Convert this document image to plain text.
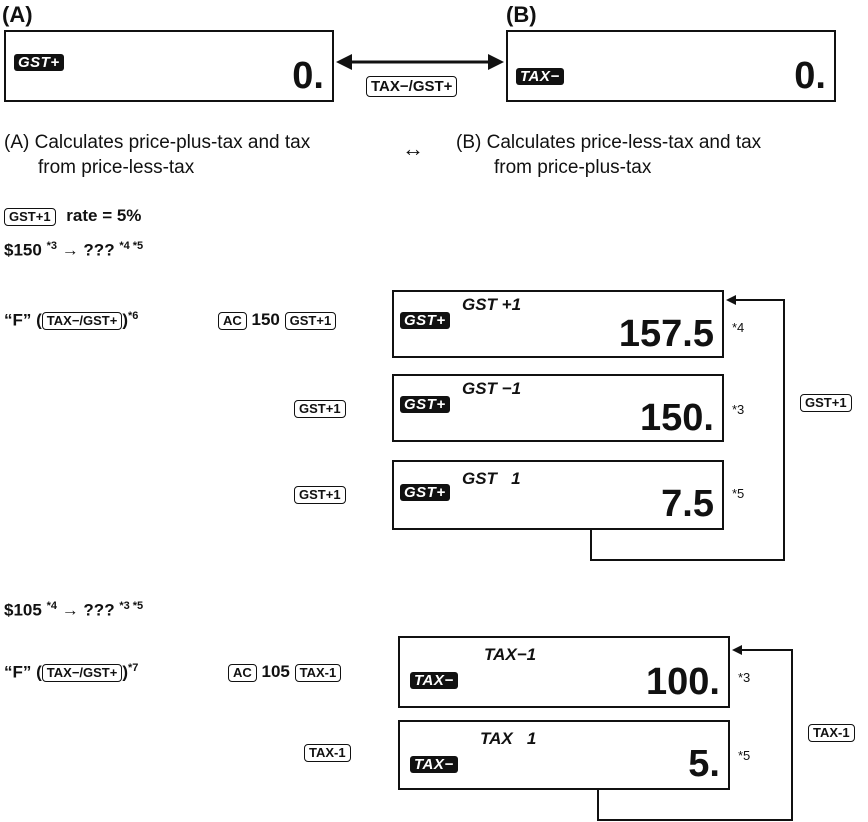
(A)	(B)
GST+	0.	TAX−	0.
TAX−/GST+
(A) Calculates price-plus-tax and tax
from price-less-tax
↔ (B) Calculates price-less-tax and tax
from price-plus-tax
GST+1 rate = 5%
$150 $^{*3}$ → ??? $^{*4 *5}$
“F” ( TAX−/GST+ )$^{*6}$	AC 150 GST+1
GST+1
GST+1
GST+
GST +1
157.5 *4
GST+
GST −1
150. *3
GST+
GST   1
7.5 *5
GST+1
$105 $^{*4}$ → ??? $^{*3 *5}$
“F” ( TAX−/GST+ )$^{*7}$	AC 105 TAX-1
TAX-1
TAX−
TAX−1
100. *3
TAX−
TAX   1
5. *5
TAX-1
